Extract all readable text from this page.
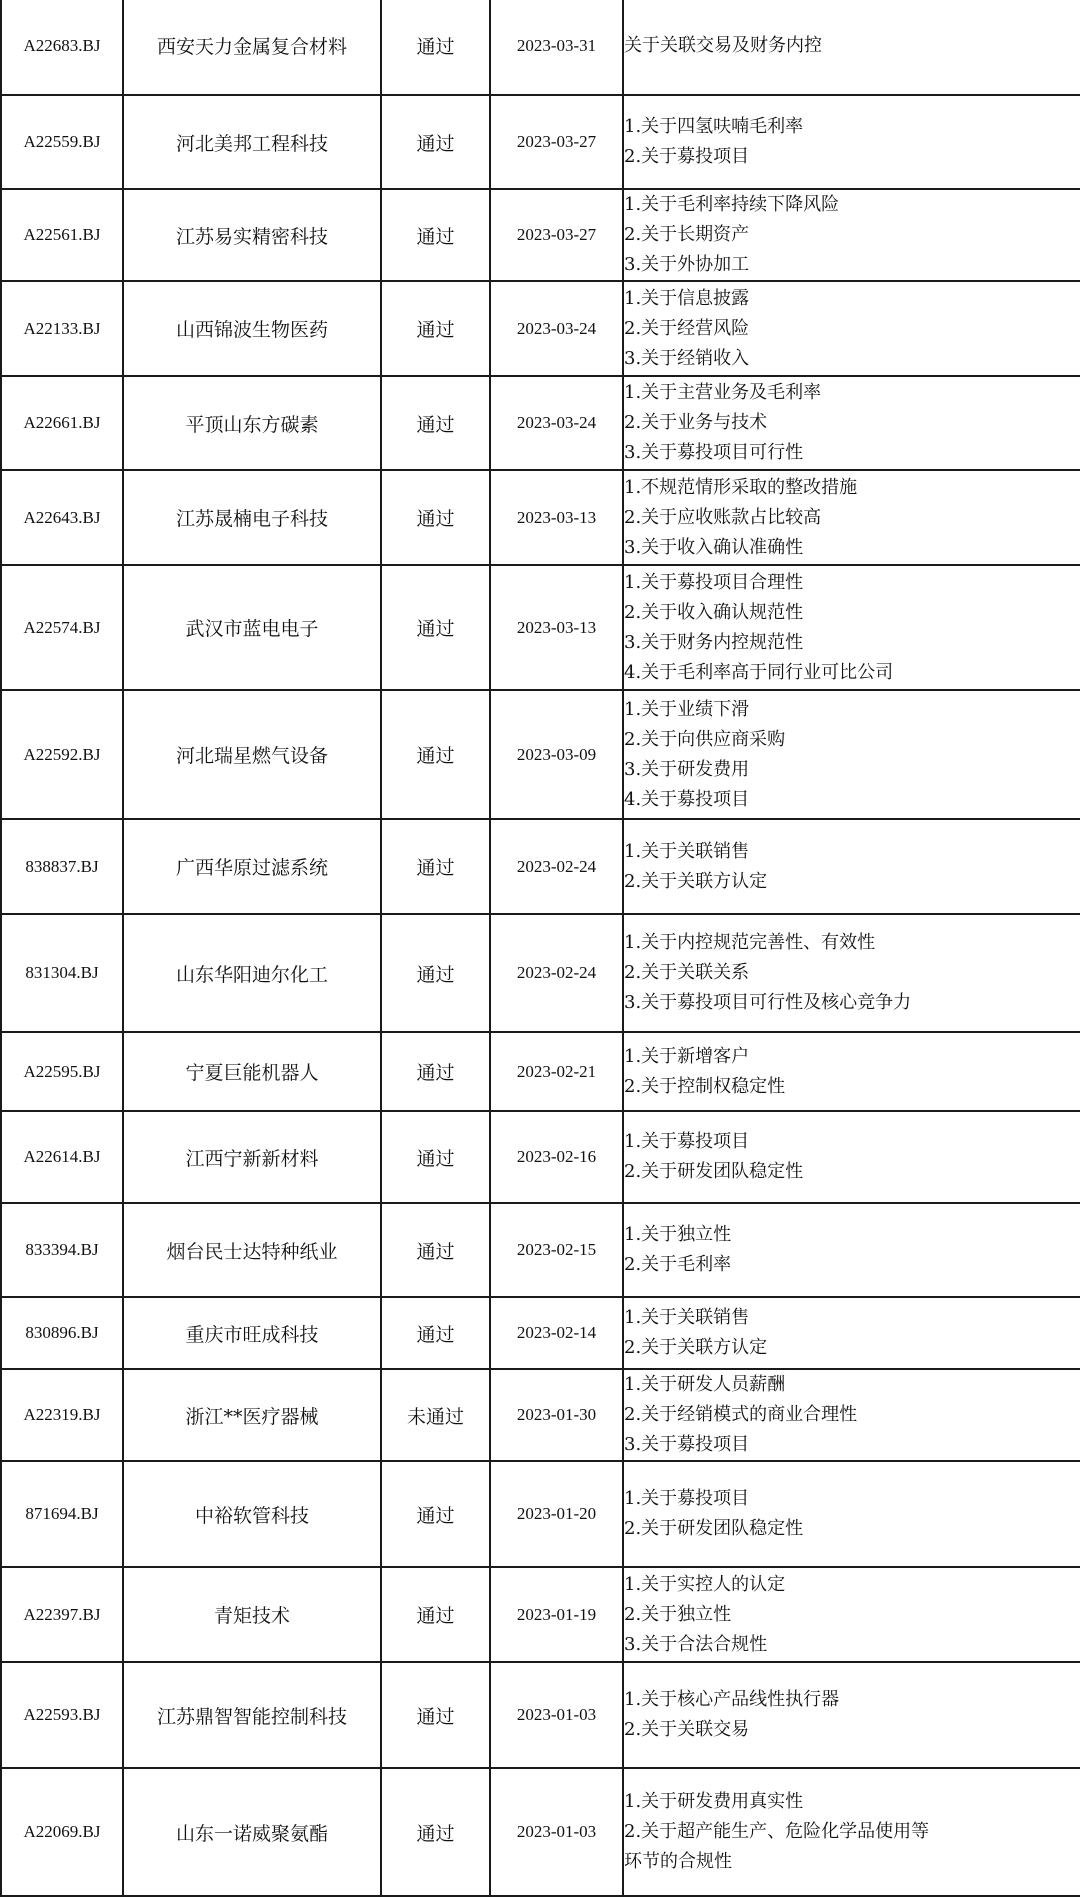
A22683.BJ	西安天力金属复合材料	通过	2023-03-31	关于关联交易及财务内控

A22559.BJ	河北美邦工程科技	通过	2023-03-27	1.关于四氢呋喃毛利率
2.关于募投项目

A22561.BJ	江苏易实精密科技	通过	2023-03-27	1.关于毛利率持续下降风险
2.关于长期资产
3.关于外协加工

A22133.BJ	山西锦波生物医药	通过	2023-03-24	1.关于信息披露
2.关于经营风险
3.关于经销收入

A22661.BJ	平顶山东方碳素	通过	2023-03-24	1.关于主营业务及毛利率
2.关于业务与技术
3.关于募投项目可行性

A22643.BJ	江苏晟楠电子科技	通过	2023-03-13	1.不规范情形采取的整改措施
2.关于应收账款占比较高
3.关于收入确认准确性

A22574.BJ	武汉市蓝电电子	通过	2023-03-13	1.关于募投项目合理性
2.关于收入确认规范性
3.关于财务内控规范性
4.关于毛利率高于同行业可比公司

A22592.BJ	河北瑞星燃气设备	通过	2023-03-09	1.关于业绩下滑
2.关于向供应商采购
3.关于研发费用
4.关于募投项目

838837.BJ	广西华原过滤系统	通过	2023-02-24	1.关于关联销售
2.关于关联方认定

831304.BJ	山东华阳迪尔化工	通过	2023-02-24	1.关于内控规范完善性、有效性
2.关于关联关系
3.关于募投项目可行性及核心竞争力

A22595.BJ	宁夏巨能机器人	通过	2023-02-21	1.关于新增客户
2.关于控制权稳定性

A22614.BJ	江西宁新新材料	通过	2023-02-16	1.关于募投项目
2.关于研发团队稳定性

833394.BJ	烟台民士达特种纸业	通过	2023-02-15	1.关于独立性
2.关于毛利率

830896.BJ	重庆市旺成科技	通过	2023-02-14	1.关于关联销售
2.关于关联方认定

A22319.BJ	浙江**医疗器械	未通过	2023-01-30	1.关于研发人员薪酬
2.关于经销模式的商业合理性
3.关于募投项目

871694.BJ	中裕软管科技	通过	2023-01-20	1.关于募投项目
2.关于研发团队稳定性

A22397.BJ	青矩技术	通过	2023-01-19	1.关于实控人的认定
2.关于独立性
3.关于合法合规性

A22593.BJ	江苏鼎智智能控制科技	通过	2023-01-03	1.关于核心产品线性执行器
2.关于关联交易

A22069.BJ	山东一诺威聚氨酯	通过	2023-01-03	1.关于研发费用真实性
2.关于超产能生产、危险化学品使用等
环节的合规性
